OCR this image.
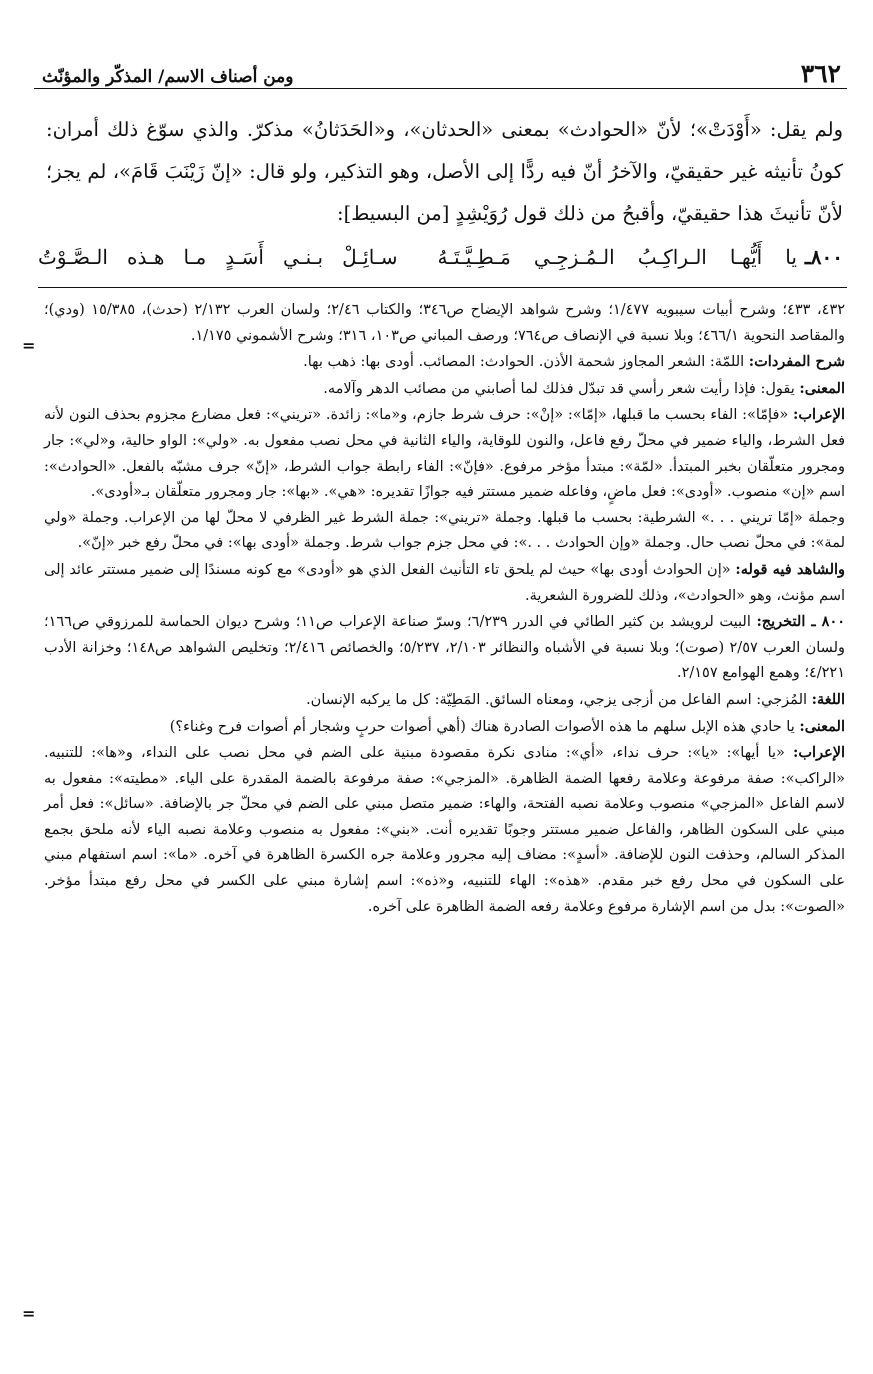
٣٦٢
ومن أصناف الاسم/ المذكّر والمؤنّث

ولم يقل: «أَوْدَتْ»؛ لأنّ «الحوادث» بمعنى «الحدثان»، و«الحَدَثانُ» مذكرّ. والذي سوّغ ذلك أمران: كونُ تأنيثه غير حقيقيّ، والآخرُ أنّ فيه ردًّا إلى الأصل، وهو التذكير، ولو قال: «إنّ زَيْنَبَ قَامَ»، لم يجز؛ لأنّ تأنيثَ هذا حقيقيّ، وأقبحُ من ذلك قول رُوَيْشِدٍ [من البسيط]:

٨٠٠ـ
يا أَيُّهـا الـراكِـبُ الـمُـزجِـي مَـطِـيَّـتَـهُ
سـائِـلْ بـنـي أَسَـدٍ مـا هـذه الـصَّـوْتُ

٤٣٢، ٤٣٣؛ وشرح أبيات سيبويه ١/٤٧٧؛ وشرح شواهد الإيضاح ص٣٤٦؛ والكتاب ٢/٤٦؛ ولسان العرب ٢/١٣٢ (حدث)، ١٥/٣٨٥ (ودي)؛ والمقاصد النحوية ٤٦٦/١؛ وبلا نسبة في الإنصاف ص٧٦٤؛ ورصف المباني ص١٠٣، ٣١٦؛ وشرح الأشموني ١/١٧٥.

شرح المفردات: اللمّة: الشعر المجاوز شحمة الأذن. الحوادث: المصائب. أودى بها: ذهب بها.

المعنى: يقول: فإذا رأيت شعر رأسي قد تبدّل فذلك لما أصابني من مصائب الدهر وآلامه.

الإعراب: «فإمّا»: الفاء بحسب ما قبلها، «إمّا»: «إنْ»: حرف شرط جازم، و«ما»: زائدة. «تريني»: فعل مضارع مجزوم بحذف النون لأنه فعل الشرط، والياء ضمير في محلّ رفع فاعل، والنون للوقاية، والياء الثانية في محل نصب مفعول به. «ولي»: الواو حالية، و«لي»: جار ومجرور متعلّقان بخبر المبتدأ. «لمّة»: مبتدأ مؤخر مرفوع. «فإنّ»: الفاء رابطة جواب الشرط، «إنّ» جرف مشبّه بالفعل. «الحوادث»: اسم «إن» منصوب. «أودى»: فعل ماضٍ، وفاعله ضمير مستتر فيه جوازًا تقديره: «هي». «بها»: جار ومجرور متعلّقان بـ«أودى».

وجملة «إمّا تريني . . .» الشرطية: بحسب ما قبلها. وجملة «تريني»: جملة الشرط غير الظرفي لا محلّ لها من الإعراب. وجملة «ولي لمة»: في محلّ نصب حال. وجملة «وإن الحوادث . . .»: في محل جزم جواب شرط. وجملة «أودى بها»: في محلّ رفع خبر «إنّ».

والشاهد فيه قوله: «إن الحوادث أودى بها» حيث لم يلحق تاء التأنيث الفعل الذي هو «أودى» مع كونه مسندًا إلى ضمير مستتر عائد إلى اسم مؤنث، وهو «الحوادث»، وذلك للضرورة الشعرية.

٨٠٠ ـ التخريج: البيت لرويشد بن كثير الطائي في الدرر ٦/٢٣٩؛ وسرّ صناعة الإعراب ص١١؛ وشرح ديوان الحماسة للمرزوقي ص١٦٦؛ ولسان العرب ٢/٥٧ (صوت)؛ وبلا نسبة في الأشباه والنظائر ٢/١٠٣، ٥/٢٣٧؛ والخصائص ٢/٤١٦؛ وتخليص الشواهد ص١٤٨؛ وخزانة الأدب ٤/٢٢١؛ وهمع الهوامع ٢/١٥٧.

اللغة: المُزجي: اسم الفاعل من أزجى يزجي، ومعناه السائق. المَطِيّة: كل ما يركبه الإنسان.

المعنى: يا حادي هذه الإبل سلهم ما هذه الأصوات الصادرة هناك (أهي أصوات حربٍ وشجار أم أصوات فرح وغناء؟)

الإعراب: «يا أيها»: «يا»: حرف نداء، «أي»: منادى نكرة مقصودة مبنية على الضم في محل نصب على النداء، و«ها»: للتنبيه. «الراكب»: صفة مرفوعة وعلامة رفعها الضمة الظاهرة. «المزجي»: صفة مرفوعة بالضمة المقدرة على الياء. «مطيته»: مفعول به لاسم الفاعل «المزجي» منصوب وعلامة نصبه الفتحة، والهاء: ضمير متصل مبني على الضم في محلّ جر بالإضافة. «سائل»: فعل أمر مبني على السكون الظاهر، والفاعل ضمير مستتر وجوبًا تقديره أنت. «بني»: مفعول به منصوب وعلامة نصبه الياء لأنه ملحق بجمع المذكر السالم، وحذفت النون للإضافة. «أسدٍ»: مضاف إليه مجرور وعلامة جره الكسرة الظاهرة في آخره. «ما»: اسم استفهام مبني على السكون في محل رفع خبر مقدم. «هذه»: الهاء للتنبيه، و«ذه»: اسم إشارة مبني على الكسر في محل رفع مبتدأ مؤخر. «الصوت»: بدل من اسم الإشارة مرفوع وعلامة رفعه الضمة الظاهرة على آخره.

=
=
